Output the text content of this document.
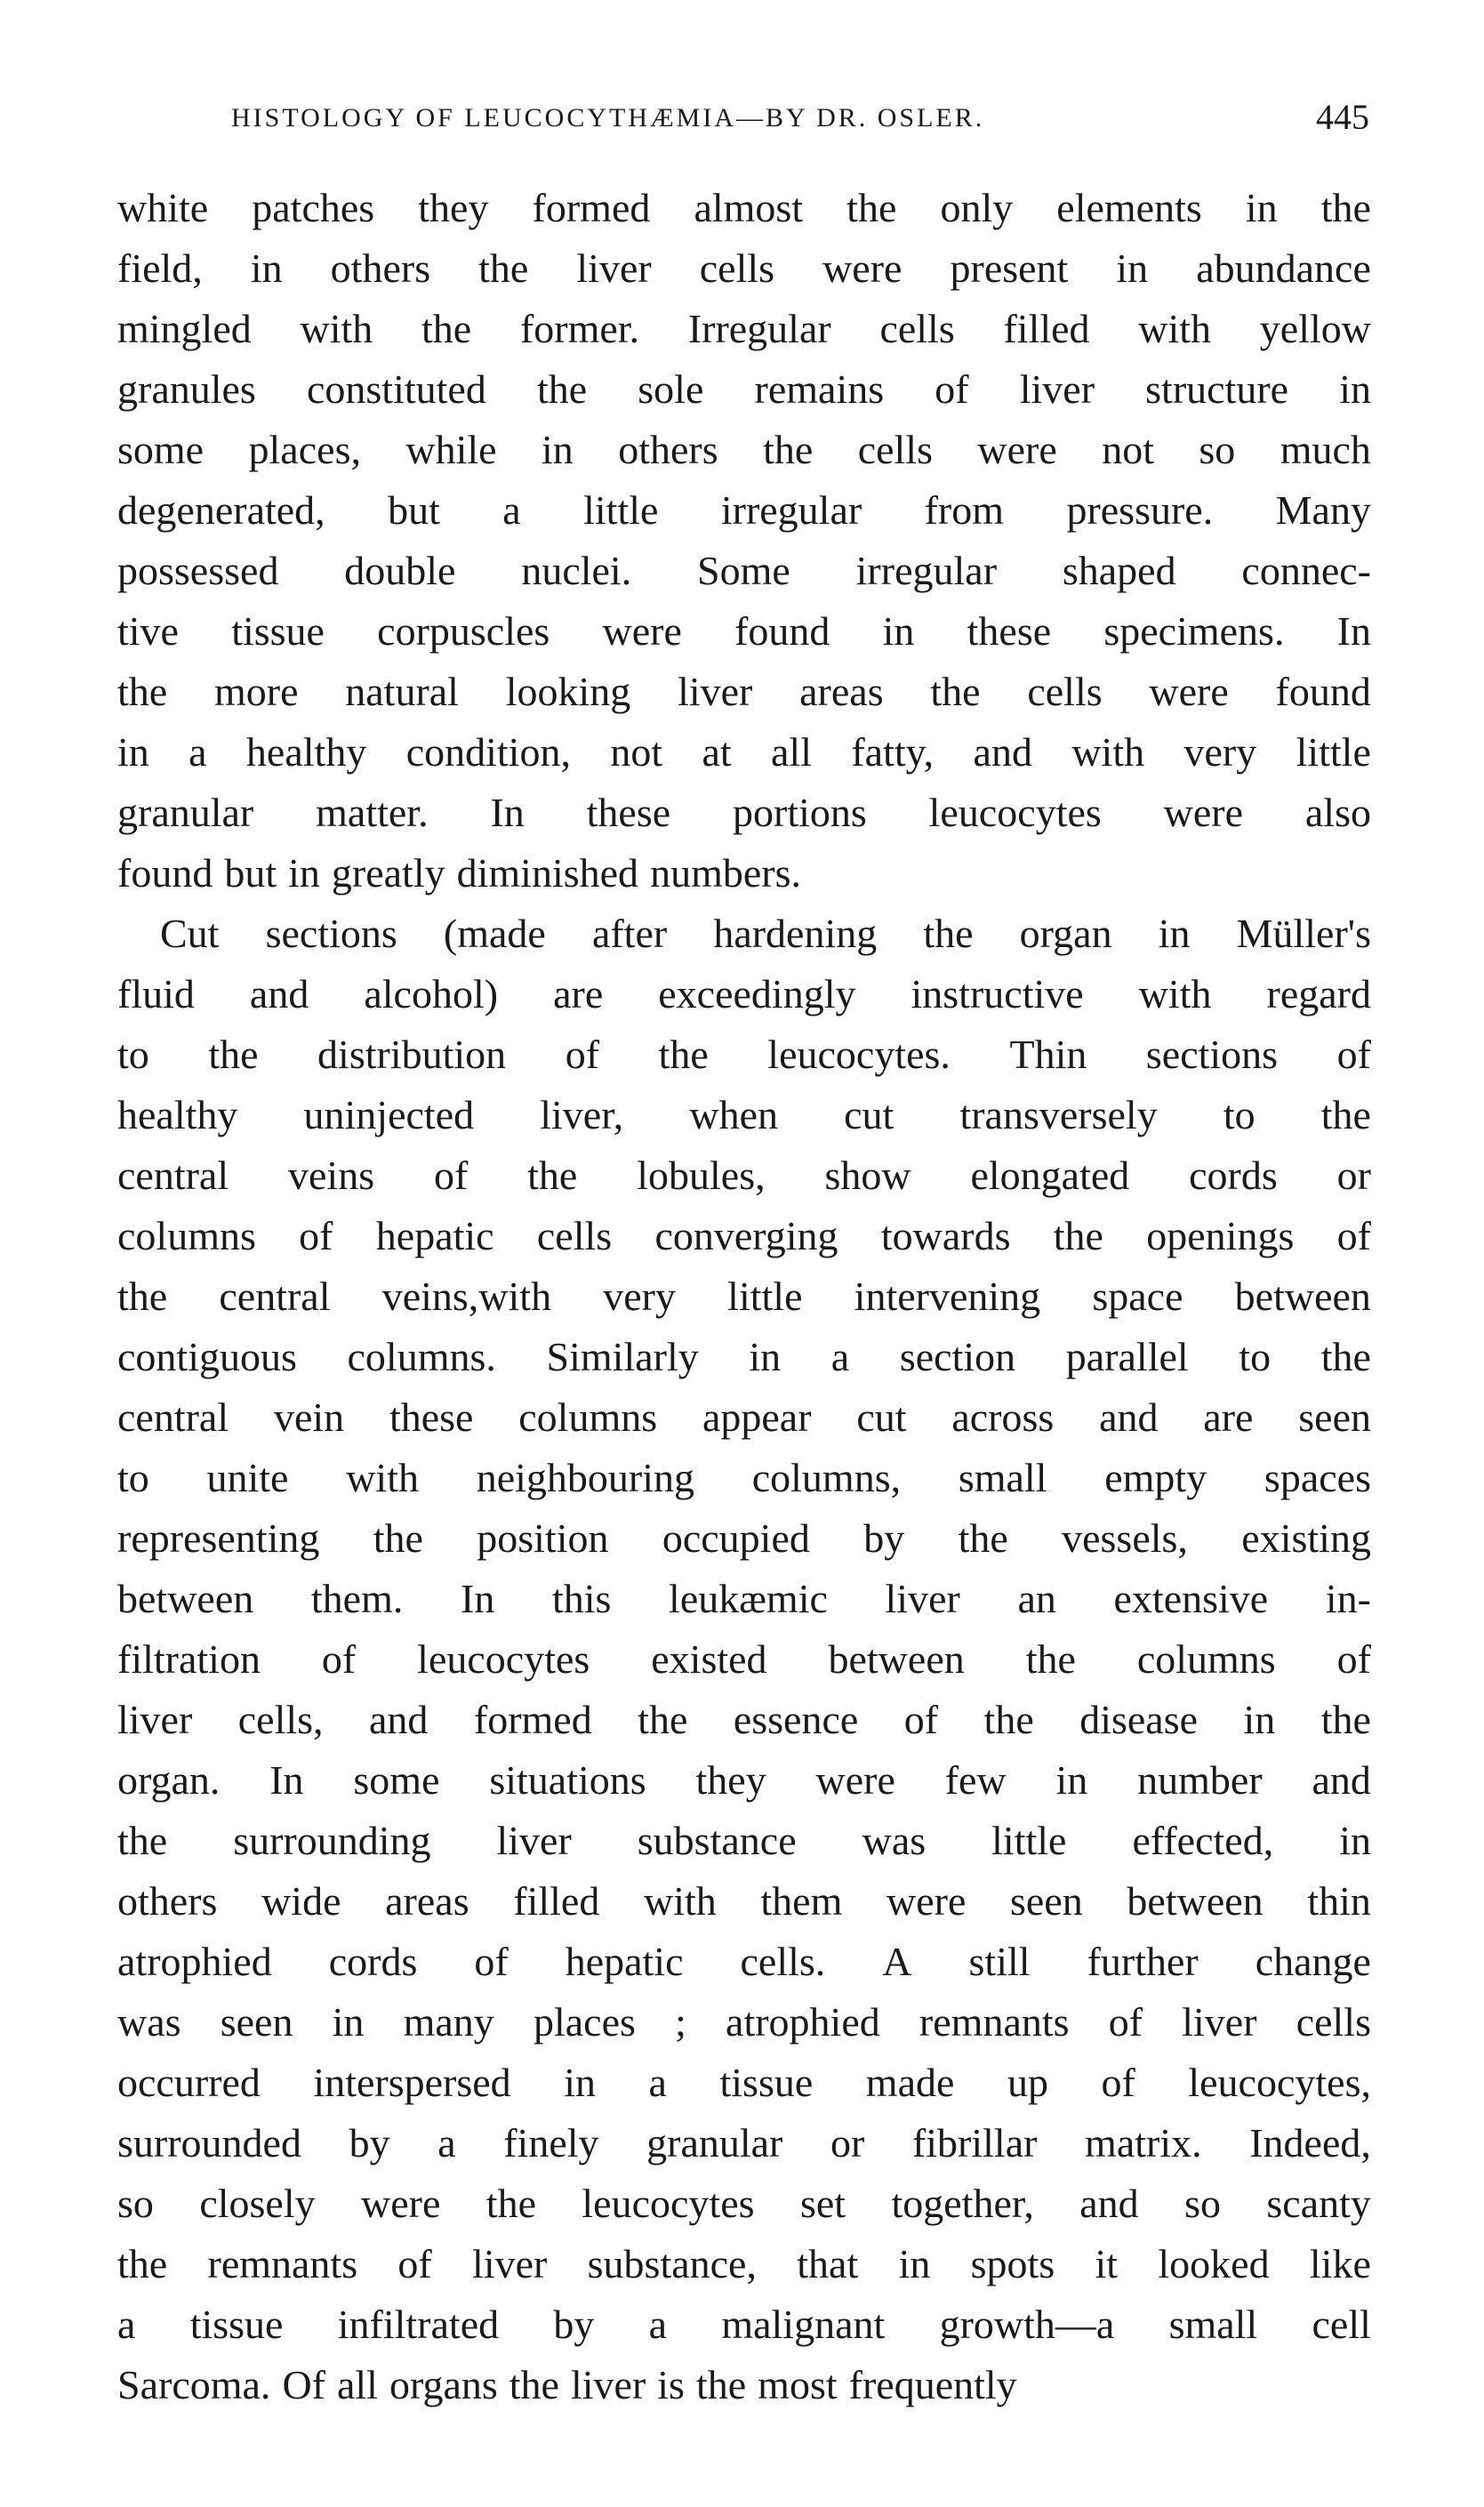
HISTOLOGY OF LEUCOCYTHÆMIA—BY DR. OSLER.	445
white patches they formed almost the only elements in the
field, in others the liver cells were present in abundance
mingled with the former. Irregular cells filled with yellow
granules constituted the sole remains of liver structure in
some places, while in others the cells were not so much
degenerated, but a little irregular from pressure. Many
possessed double nuclei. Some irregular shaped connec-
tive tissue corpuscles were found in these specimens. In
the more natural looking liver areas the cells were found
in a healthy condition, not at all fatty, and with very little
granular matter. In these portions leucocytes were also
found but in greatly diminished numbers.
Cut sections (made after hardening the organ in Müller's
fluid and alcohol) are exceedingly instructive with regard
to the distribution of the leucocytes. Thin sections of
healthy uninjected liver, when cut transversely to the
central veins of the lobules, show elongated cords or
columns of hepatic cells converging towards the openings of
the central veins,with very little intervening space between
contiguous columns. Similarly in a section parallel to the
central vein these columns appear cut across and are seen
to unite with neighbouring columns, small empty spaces
representing the position occupied by the vessels, existing
between them. In this leukæmic liver an extensive in-
filtration of leucocytes existed between the columns of
liver cells, and formed the essence of the disease in the
organ. In some situations they were few in number and
the surrounding liver substance was little effected, in
others wide areas filled with them were seen between thin
atrophied cords of hepatic cells. A still further change
was seen in many places ; atrophied remnants of liver cells
occurred interspersed in a tissue made up of leucocytes,
surrounded by a finely granular or fibrillar matrix. Indeed,
so closely were the leucocytes set together, and so scanty
the remnants of liver substance, that in spots it looked like
a tissue infiltrated by a malignant growth—a small cell
Sarcoma. Of all organs the liver is the most frequently
